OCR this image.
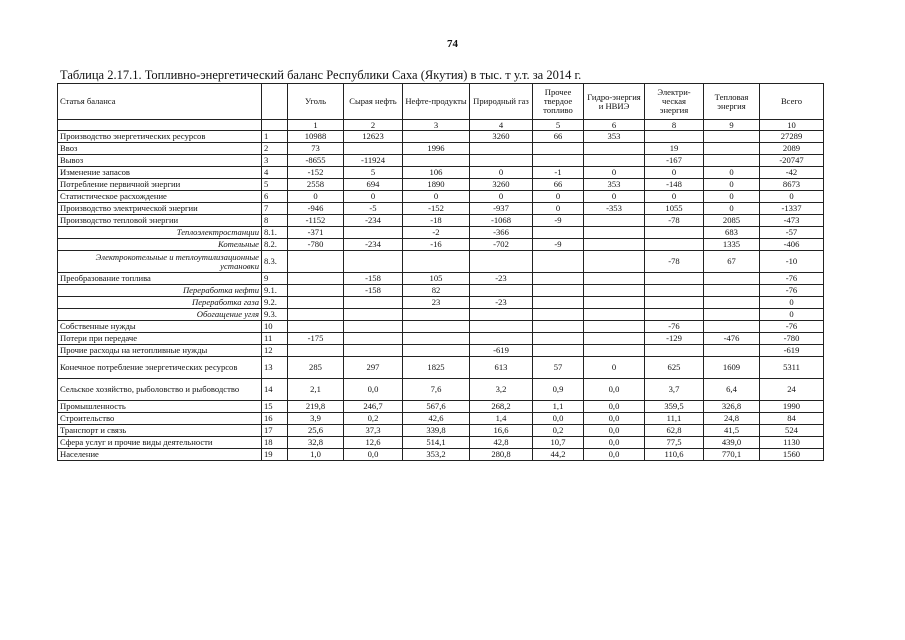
74
Таблица 2.17.1. Топливно-энергетический баланс Республики Саха (Якутия) в тыс. т у.т. за 2014 г.
Статья баланса		Уголь	Сырая нефть	Нефте-продукты	Природный газ	Прочее твердое топливо	Гидро-энергия и НВИЭ	Электри-ческая энергия	Тепловая энергия	Всего
		1	2	3	4	5	6	8	9	10
Производство энергетических ресурсов	1	10988	12623		3260	66	353			27289
Ввоз	2	73		1996				19		2089
Вывоз	3	-8655	-11924					-167		-20747
Изменение запасов	4	-152	5	106	0	-1	0	0	0	-42
Потребление первичной энергии	5	2558	694	1890	3260	66	353	-148	0	8673
Статистическое расхождение	6	0	0	0	0	0	0	0	0	0
Производство электрической энергии	7	-946	-5	-152	-937	0	-353	1055	0	-1337
Производство тепловой энергии	8	-1152	-234	-18	-1068	-9		-78	2085	-473
Теплоэлектростанции	8.1.	-371		-2	-366				683	-57
Котельные	8.2.	-780	-234	-16	-702	-9			1335	-406
Электрокотельные и теплоутилизационные установки	8.3.							-78	67	-10
Преобразование топлива	9		-158	105	-23					-76
Переработка нефти	9.1.		-158	82						-76
Переработка газа	9.2.			23	-23					0
Обогащение угля	9.3.									0
Собственные нужды	10							-76		-76
Потери при передаче	11	-175						-129	-476	-780
Прочие расходы на нетопливные нужды	12				-619					-619
Конечное потребление энергетических ресурсов	13	285	297	1825	613	57	0	625	1609	5311
Сельское хозяйство, рыболовство и рыбоводство	14	2,1	0,0	7,6	3,2	0,9	0,0	3,7	6,4	24
Промышленность	15	219,8	246,7	567,6	268,2	1,1	0,0	359,5	326,8	1990
Строительство	16	3,9	0,2	42,6	1,4	0,0	0,0	11,1	24,8	84
Транспорт и связь	17	25,6	37,3	339,8	16,6	0,2	0,0	62,8	41,5	524
Сфера услуг и прочие виды деятельности	18	32,8	12,6	514,1	42,8	10,7	0,0	77,5	439,0	1130
Население	19	1,0	0,0	353,2	280,8	44,2	0,0	110,6	770,1	1560
